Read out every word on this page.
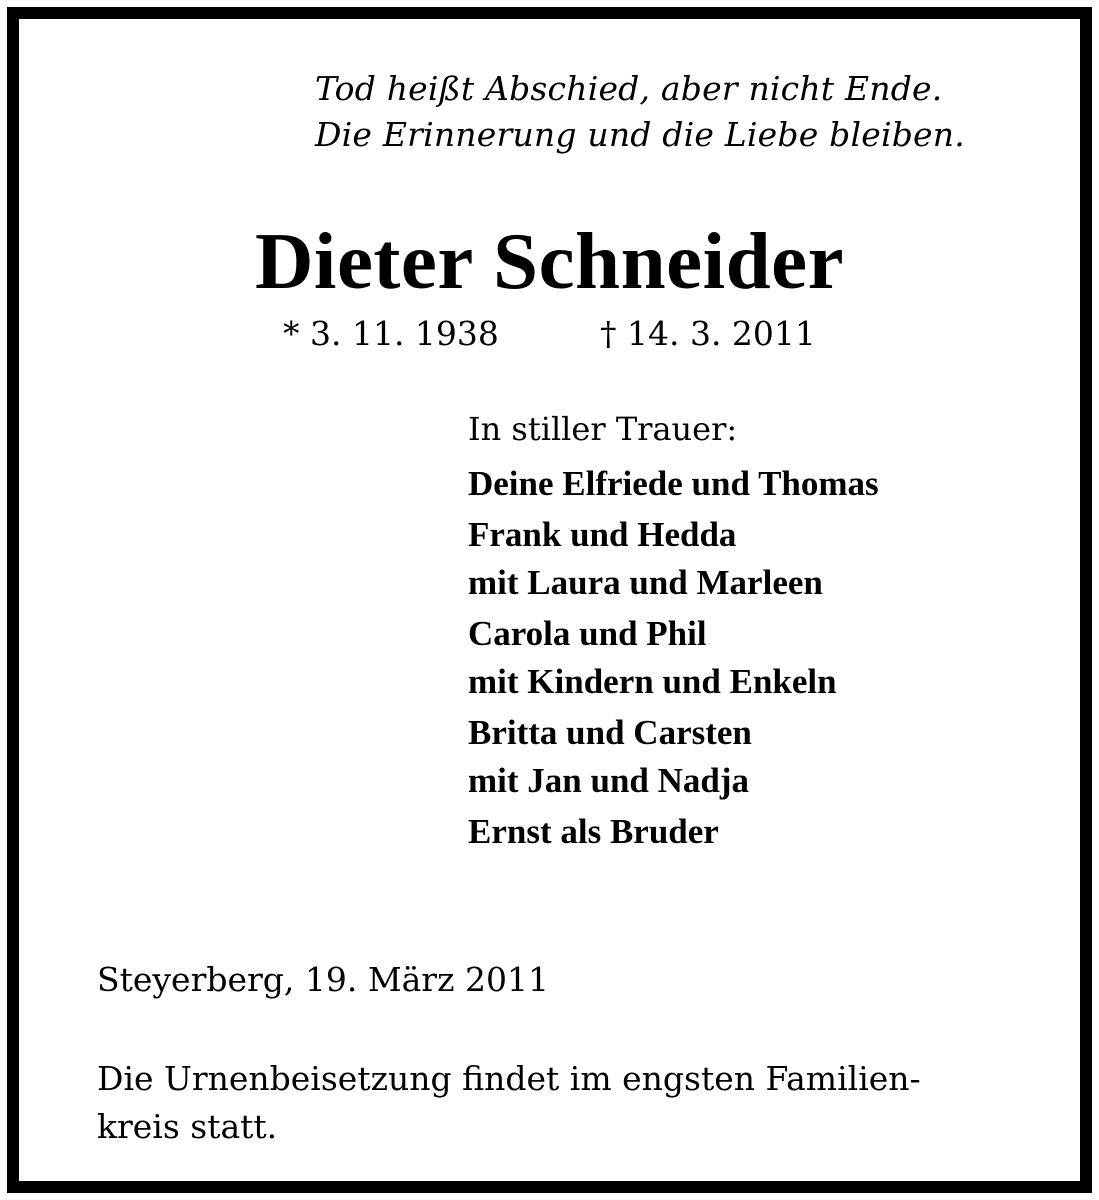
Tod heißt Abschied, aber nicht Ende.
Die Erinnerung und die Liebe bleiben.
Dieter Schneider
* 3. 11. 1938	† 14. 3. 2011
In stiller Trauer:
Deine Elfriede und Thomas
Frank und Hedda
mit Laura und Marleen
Carola und Phil
mit Kindern und Enkeln
Britta und Carsten
mit Jan und Nadja
Ernst als Bruder
Steyerberg, 19. März 2011
Die Urnenbeisetzung findet im engsten Familien-
kreis statt.
